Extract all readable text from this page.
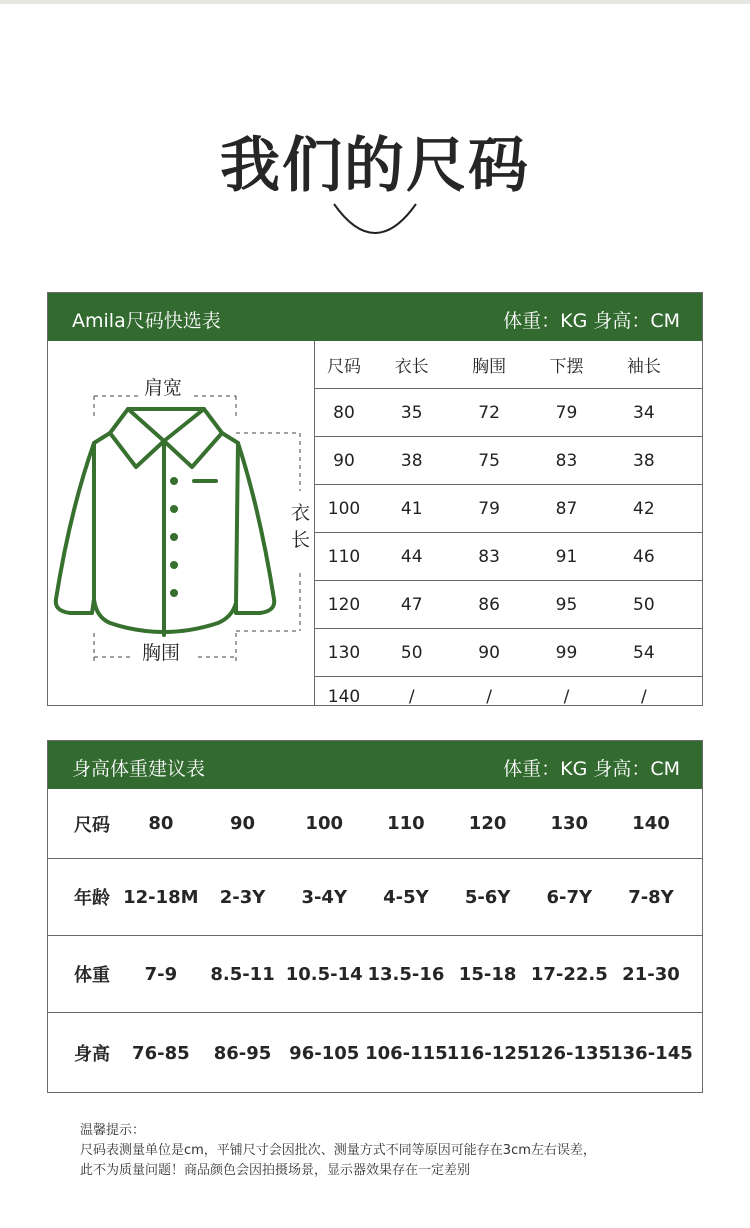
我们的尺码
Amila尺码快选表	体重：KG 身高：CM
肩宽
衣
长
胸围
尺码	衣长	胸围	下摆	袖长
80	35	72	79	34
90	38	75	83	38
100	41	79	87	42
110	44	83	91	46
120	47	86	95	50
130	50	90	99	54
140	/	/	/	/
身高体重建议表	体重：KG 身高：CM
尺码	80	90	100	110	120	130	140
年龄 12-18M	2-3Y	3-4Y	4-5Y	5-6Y	6-7Y	7-8Y
体重	7-9	8.5-11 10.5-14 13.5-16 15-18 17-22.5 21-30
身高	76-85	86-95 96-105 106-115 116-125 126-135 136-145
温馨提示：
尺码表测量单位是cm，平铺尺寸会因批次、测量方式不同等原因可能存在3cm左右误差，
此不为质量问题！商品颜色会因拍摄场景，显示器效果存在一定差别
